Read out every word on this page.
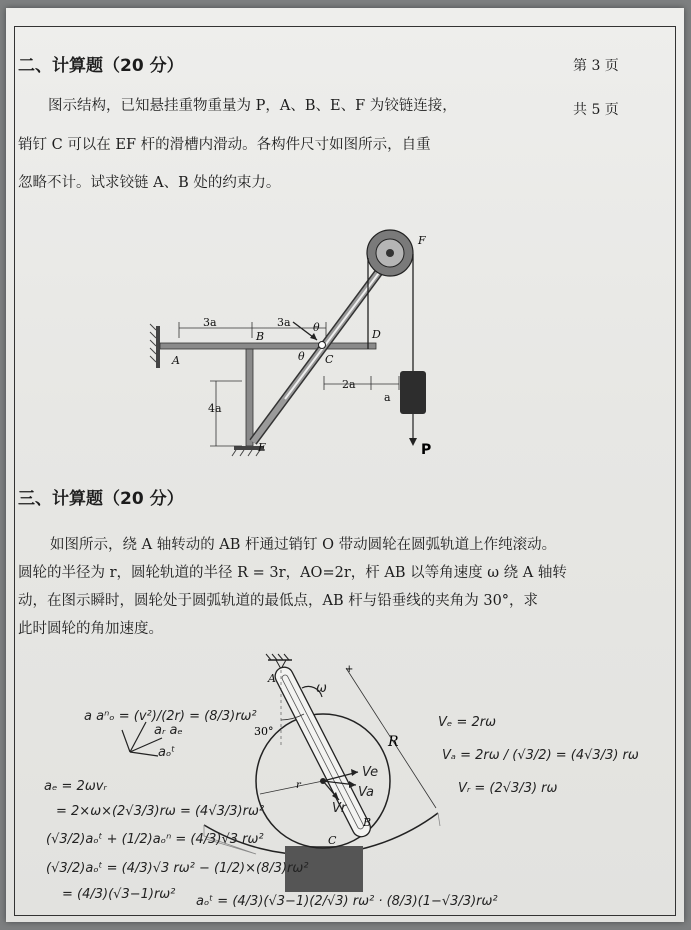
二、计算题（20 分）	第 3 页
共 5 页
图示结构，已知悬挂重物重量为 P，A、B、E、F 为铰链连接，
销钉 C 可以在 EF 杆的滑槽内滑动。各构件尺寸如图所示，自重
忽略不计。试求铰链 A、B 处的约束力。
3a	3a
4a
2a
a
θ
θ
A
B
C
D
E
F
P
三、计算题（20 分）
如图所示，绕 A 轴转动的 AB 杆通过销钉 O 带动圆轮在圆弧轨道上作纯滚动。
圆轮的半径为 r，圆轮轨道的半径 R = 3r，AO=2r，杆 AB 以等角速度 ω 绕 A 轴转
动，在图示瞬时，圆轮处于圆弧轨道的最低点，AB 杆与铅垂线的夹角为 30°，求
此时圆轮的角加速度。
30°
Ve
Va
Vr
ω
+
R
r
A
B
C
a aⁿₒ = (v²)/(2r) = (8/3)rω²
aᵣ aₑ
aₒᵗ
aₑ = 2ωvᵣ
= 2×ω×(2√3/3)rω = (4√3/3)rω²
(√3/2)aₒᵗ + (1/2)aₒⁿ = (4/3)√3 rω²
(√3/2)aₒᵗ = (4/3)√3 rω² − (1/2)×(8/3)rω²
= (4/3)(√3−1)rω² aₒᵗ = (4/3)(√3−1)(2/√3) rω² · (8/3)(1−√3/3)rω²
Vₑ = 2rω
Vₐ = 2rω / (√3/2) = (4√3/3) rω
Vᵣ = (2√3/3) rω
